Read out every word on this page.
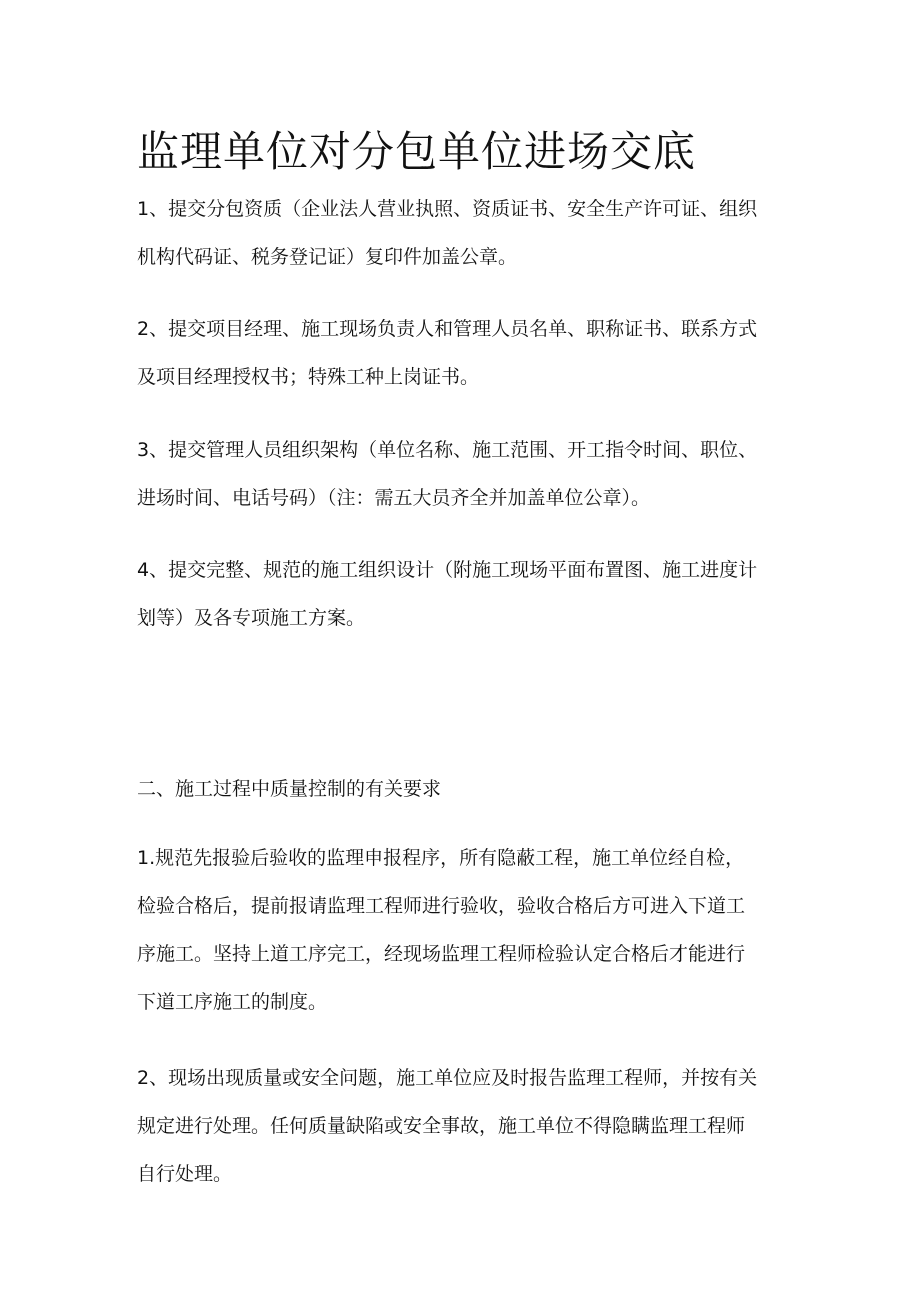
监理单位对分包单位进场交底
1、提交分包资质（企业法人营业执照、资质证书、安全生产许可证、组织
机构代码证、税务登记证）复印件加盖公章。
2、提交项目经理、施工现场负责人和管理人员名单、职称证书、联系方式
及项目经理授权书；特殊工种上岗证书。
3、提交管理人员组织架构（单位名称、施工范围、开工指令时间、职位、
进场时间、电话号码）（注：需五大员齐全并加盖单位公章）。
4、提交完整、规范的施工组织设计（附施工现场平面布置图、施工进度计
划等）及各专项施工方案。
二、施工过程中质量控制的有关要求
1.规范先报验后验收的监理申报程序，所有隐蔽工程，施工单位经自检，
检验合格后，提前报请监理工程师进行验收，验收合格后方可进入下道工
序施工。坚持上道工序完工，经现场监理工程师检验认定合格后才能进行
下道工序施工的制度。
2、现场出现质量或安全问题，施工单位应及时报告监理工程师，并按有关
规定进行处理。任何质量缺陷或安全事故，施工单位不得隐瞒监理工程师
自行处理。
